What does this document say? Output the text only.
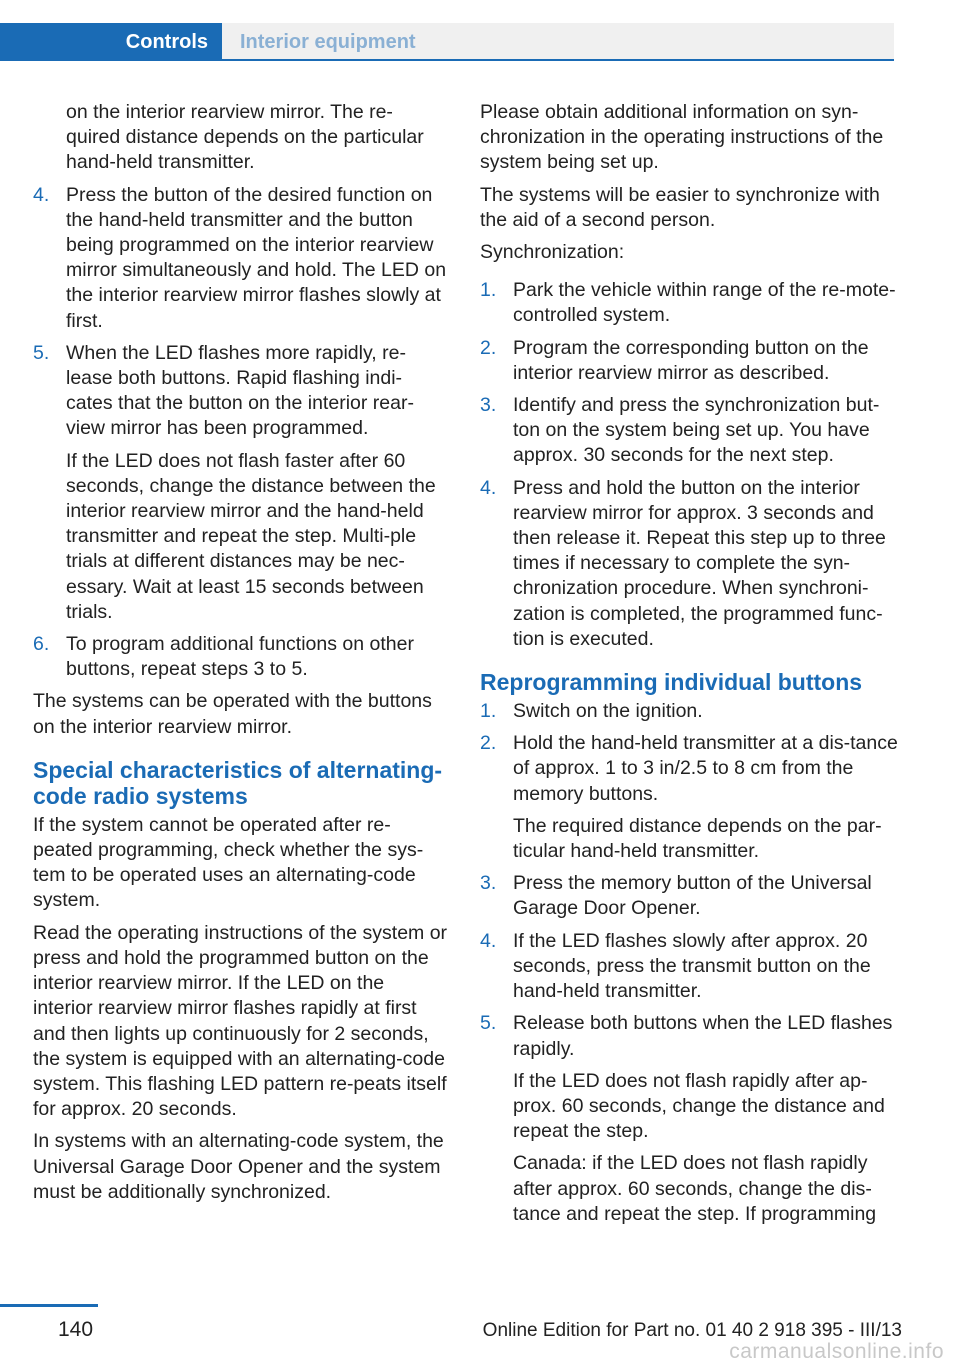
Controls	Interior equipment

on the interior rearview mirror. The re-
quired distance depends on the particular
hand-held transmitter.

4. Press the button of the desired function on the hand-held transmitter and the button being programmed on the interior rearview mirror simultaneously and hold. The LED on the interior rearview mirror flashes slowly at first.

5. When the LED flashes more rapidly, re-lease both buttons. Rapid flashing indi-cates that the button on the interior rear-view mirror has been programmed.

If the LED does not flash faster after 60 seconds, change the distance between the interior rearview mirror and the hand-held transmitter and repeat the step. Multi-ple trials at different distances may be nec-essary. Wait at least 15 seconds between trials.

6. To program additional functions on other buttons, repeat steps 3 to 5.

The systems can be operated with the buttons on the interior rearview mirror.

Special characteristics of alternating-code radio systems

If the system cannot be operated after re-peated programming, check whether the sys-tem to be operated uses an alternating-code system.

Read the operating instructions of the system or press and hold the programmed button on the interior rearview mirror. If the LED on the interior rearview mirror flashes rapidly at first and then lights up continuously for 2 seconds, the system is equipped with an alternating-code system. This flashing LED pattern re-peats itself for approx. 20 seconds.

In systems with an alternating-code system, the Universal Garage Door Opener and the system must be additionally synchronized.

Please obtain additional information on syn-chronization in the operating instructions of the system being set up.

The systems will be easier to synchronize with the aid of a second person.

Synchronization:

1. Park the vehicle within range of the re-mote-controlled system.

2. Program the corresponding button on the interior rearview mirror as described.

3. Identify and press the synchronization but-ton on the system being set up. You have approx. 30 seconds for the next step.

4. Press and hold the button on the interior rearview mirror for approx. 3 seconds and then release it. Repeat this step up to three times if necessary to complete the syn-chronization procedure. When synchroni-zation is completed, the programmed func-tion is executed.

Reprogramming individual buttons
1. Switch on the ignition.

2. Hold the hand-held transmitter at a dis-tance of approx. 1 to 3 in/2.5 to 8 cm from the memory buttons.

The required distance depends on the par-ticular hand-held transmitter.

3. Press the memory button of the Universal Garage Door Opener.

4. If the LED flashes slowly after approx. 20 seconds, press the transmit button on the hand-held transmitter.

5. Release both buttons when the LED flashes rapidly.

If the LED does not flash rapidly after ap-prox. 60 seconds, change the distance and repeat the step.

Canada: if the LED does not flash rapidly after approx. 60 seconds, change the dis-tance and repeat the step. If programming

140	Online Edition for Part no. 01 40 2 918 395 - III/13
carmanualsonline.info
